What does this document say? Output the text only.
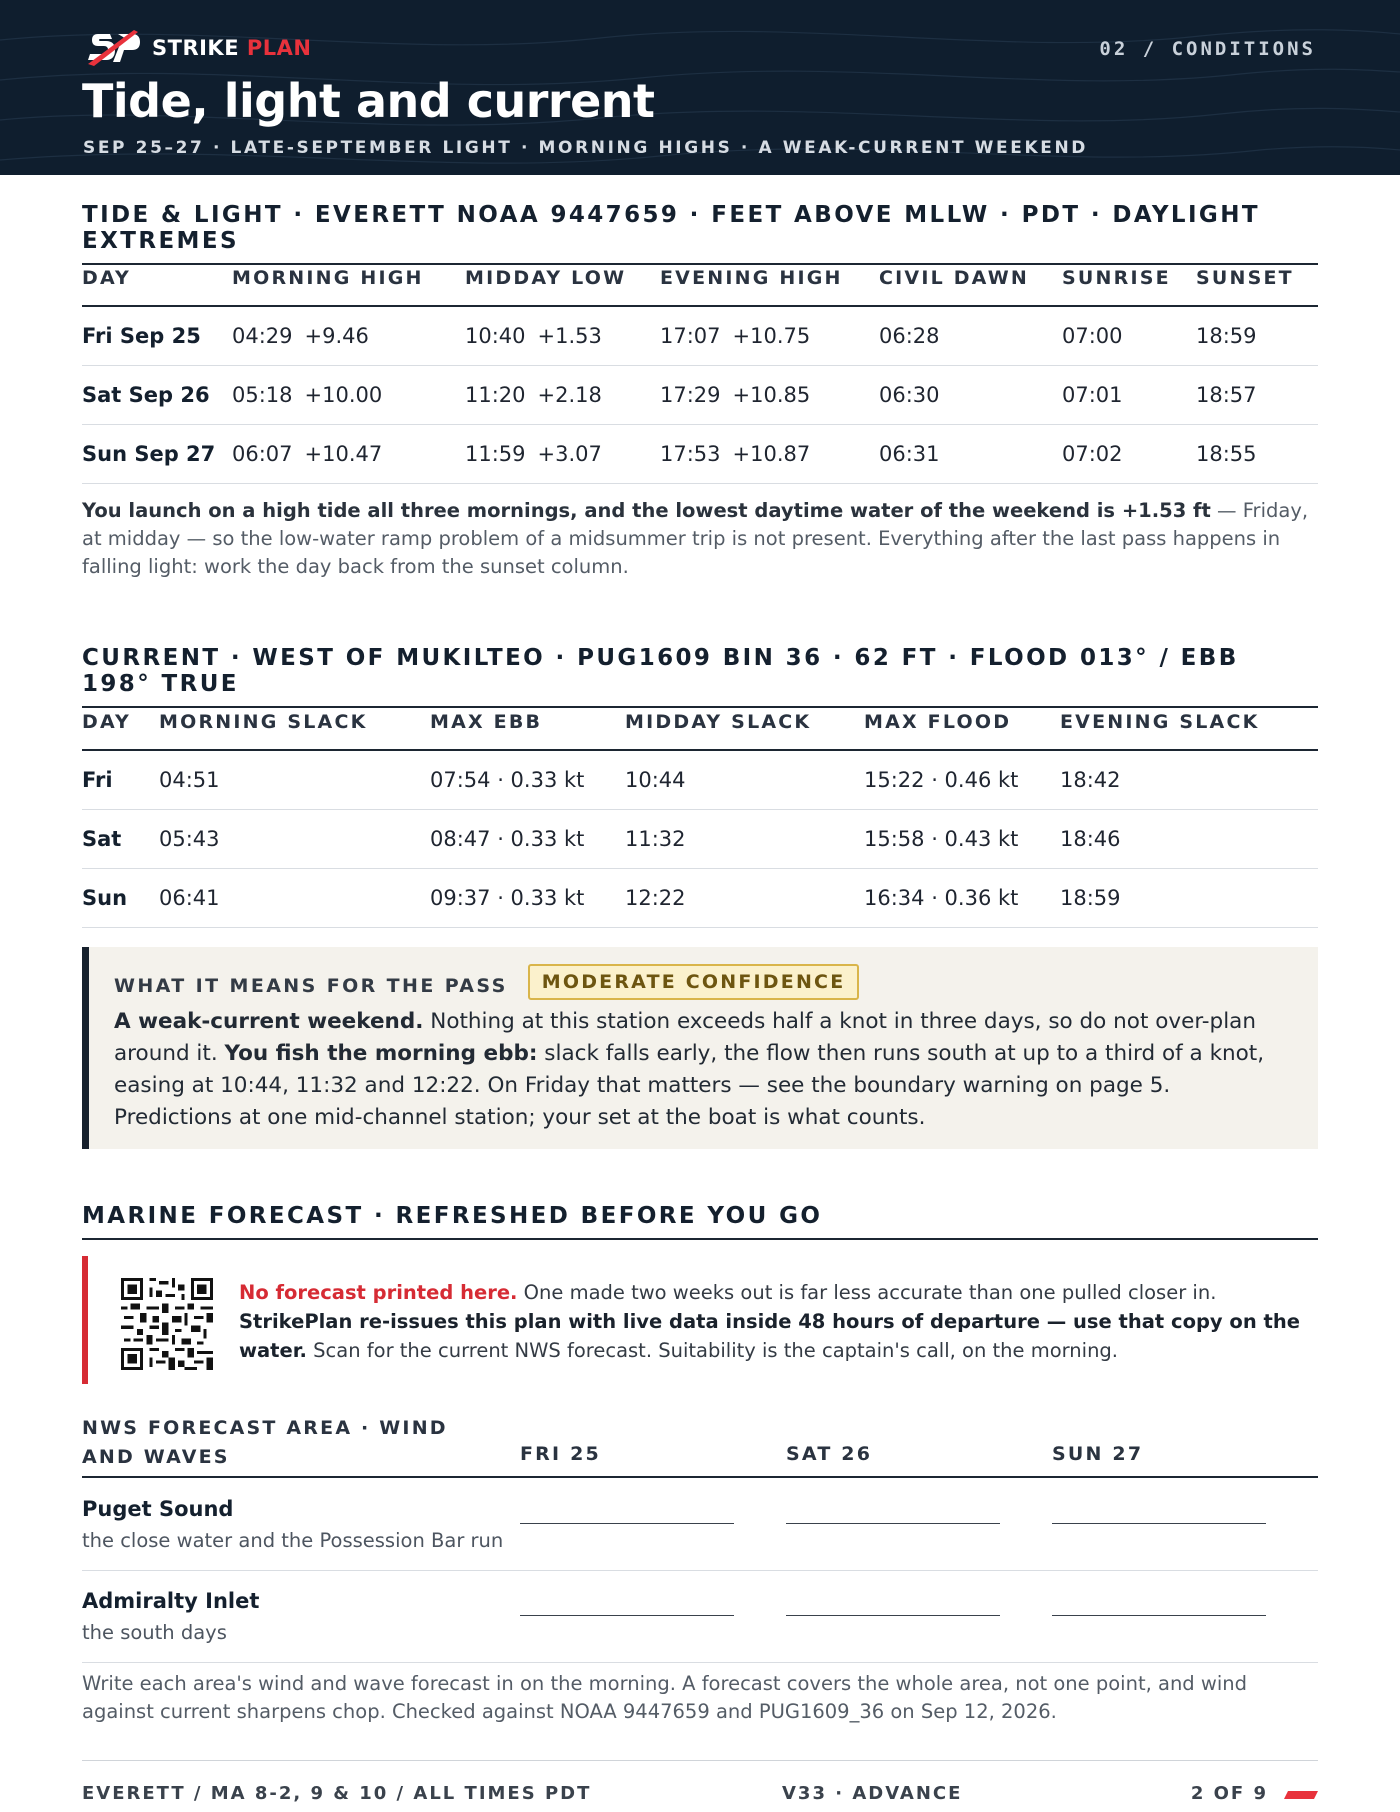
STRIKE PLAN	02 / CONDITIONS
Tide, light and current
SEP 25–27 · LATE-SEPTEMBER LIGHT · MORNING HIGHS · A WEAK-CURRENT WEEKEND
TIDE & LIGHT · EVERETT NOAA 9447659 · FEET ABOVE MLLW · PDT · DAYLIGHT EXTREMES
DAY	MORNING HIGH	MIDDAY LOW	EVENING HIGH	CIVIL DAWN	SUNRISE	SUNSET
Fri Sep 25	04:29 +9.46	10:40 +1.53	17:07 +10.75	06:28	07:00	18:59
Sat Sep 26	05:18 +10.00	11:20 +2.18	17:29 +10.85	06:30	07:01	18:57
Sun Sep 27	06:07 +10.47	11:59 +3.07	17:53 +10.87	06:31	07:02	18:55

You launch on a high tide all three mornings, and the lowest daytime water of the weekend is +1.53 ft — Friday, at midday — so the low-water ramp problem of a midsummer trip is not present. Everything after the last pass happens in falling light: work the day back from the sunset column.

CURRENT · WEST OF MUKILTEO · PUG1609 BIN 36 · 62 FT · FLOOD 013° / EBB 198° TRUE
DAY	MORNING SLACK	MAX EBB	MIDDAY SLACK	MAX FLOOD	EVENING SLACK
Fri	04:51	07:54 · 0.33 kt	10:44	15:22 · 0.46 kt	18:42
Sat	05:43	08:47 · 0.33 kt	11:32	15:58 · 0.43 kt	18:46
Sun	06:41	09:37 · 0.33 kt	12:22	16:34 · 0.36 kt	18:59
WHAT IT MEANS FOR THE PASS	MODERATE CONFIDENCE

A weak-current weekend. Nothing at this station exceeds half a knot in three days, so do not over-plan around it. You fish the morning ebb: slack falls early, the flow then runs south at up to a third of a knot, easing at 10:44, 11:32 and 12:22. On Friday that matters — see the boundary warning on page 5. Predictions at one mid-channel station; your set at the boat is what counts.

MARINE FORECAST · REFRESHED BEFORE YOU GO

No forecast printed here. One made two weeks out is far less accurate than one pulled closer in. StrikePlan re-issues this plan with live data inside 48 hours of departure — use that copy on the water. Scan for the current NWS forecast. Suitability is the captain's call, on the morning.

NWS FORECAST AREA · WIND AND WAVES	FRI 25	SAT 26	SUN 27
Puget Sound
the close water and the Possession Bar run
Admiralty Inlet
the south days

Write each area's wind and wave forecast in on the morning. A forecast covers the whole area, not one point, and wind against current sharpens chop. Checked against NOAA 9447659 and PUG1609_36 on Sep 12, 2026.

EVERETT / MA 8-2, 9 & 10 / ALL TIMES PDT	V33 · ADVANCE	2 OF 9
